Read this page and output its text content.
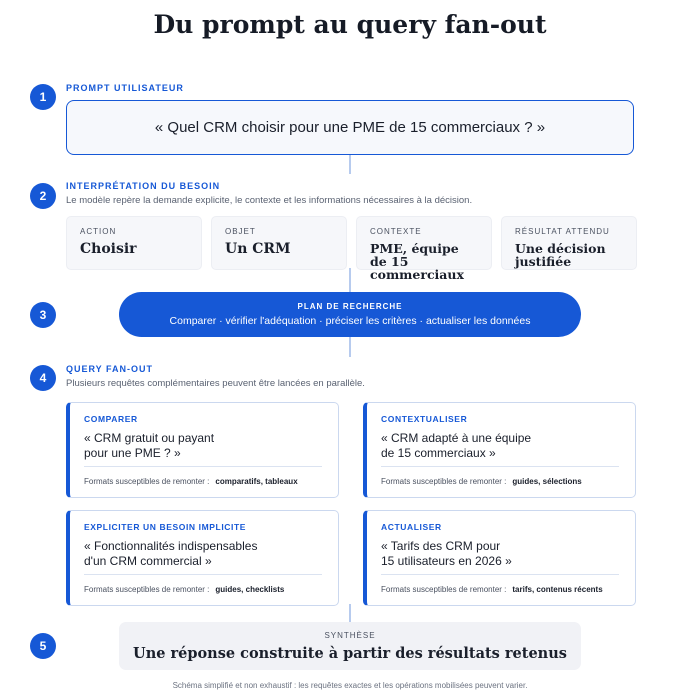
Du prompt au query fan-out
1
PROMPT UTILISATEUR
« Quel CRM choisir pour une PME de 15 commerciaux ? »
2
INTERPRÉTATION DU BESOIN
Le modèle repère la demande explicite, le contexte et les informations nécessaires à la décision.
ACTION
Choisir
OBJET
Un CRM
CONTEXTE
PME, équipe
de 15 commerciaux
RÉSULTAT ATTENDU
Une décision
justifiée
3
PLAN DE RECHERCHE
Comparer · vérifier l'adéquation · préciser les critères · actualiser les données
4
QUERY FAN-OUT
Plusieurs requêtes complémentaires peuvent être lancées en parallèle.
COMPARER
« CRM gratuit ou payant
pour une PME ? »
Formats susceptibles de remonter : comparatifs, tableaux
CONTEXTUALISER
« CRM adapté à une équipe
de 15 commerciaux »
Formats susceptibles de remonter : guides, sélections
EXPLICITER UN BESOIN IMPLICITE
« Fonctionnalités indispensables
d'un CRM commercial »
Formats susceptibles de remonter : guides, checklists
ACTUALISER
« Tarifs des CRM pour
15 utilisateurs en 2026 »
Formats susceptibles de remonter : tarifs, contenus récents
5
SYNTHÈSE
Une réponse construite à partir des résultats retenus
Schéma simplifié et non exhaustif : les requêtes exactes et les opérations mobilisées peuvent varier.
